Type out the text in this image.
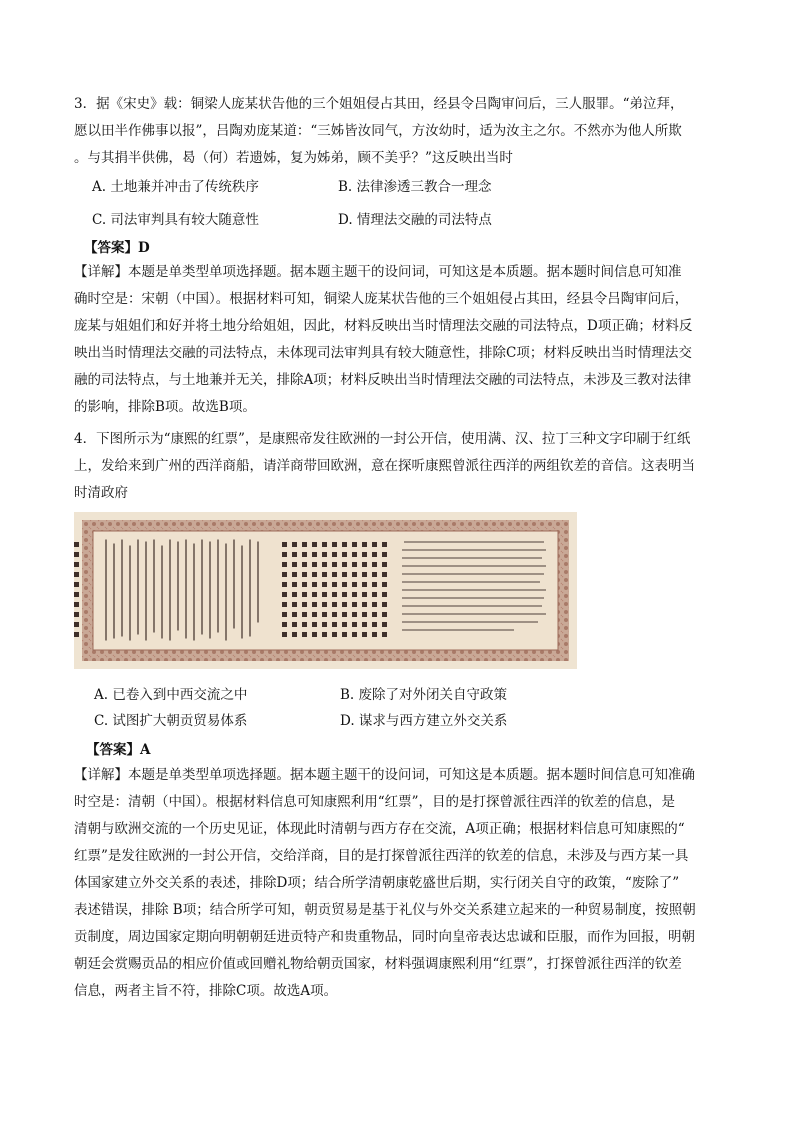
3．据《宋史》载：铜梁人庞某状告他的三个姐姐侵占其田，经县令吕陶审问后，三人服罪。“弟泣拜，
愿以田半作佛事以报”，吕陶劝庞某道：“三姊皆汝同气，方汝幼时，适为汝主之尔。不然亦为他人所欺
。与其捐半供佛，曷（何）若遗姊，复为姊弟，顾不美乎？”这反映出当时
A. 土地兼并冲击了传统秩序	B. 法律渗透三教合一理念
C. 司法审判具有较大随意性	D. 情理法交融的司法特点
【答案】D
【详解】本题是单类型单项选择题。据本题主题干的设问词，可知这是本质题。据本题时间信息可知准
确时空是：宋朝（中国）。根据材料可知，铜梁人庞某状告他的三个姐姐侵占其田，经县令吕陶审问后，
庞某与姐姐们和好并将土地分给姐姐，因此，材料反映出当时情理法交融的司法特点，D项正确；材料反
映出当时情理法交融的司法特点，未体现司法审判具有较大随意性，排除C项；材料反映出当时情理法交
融的司法特点，与土地兼并无关，排除A项；材料反映出当时情理法交融的司法特点，未涉及三教对法律
的影响，排除B项。故选B项。
4．下图所示为“康熙的红票”，是康熙帝发往欧洲的一封公开信，使用满、汉、拉丁三种文字印刷于红纸
上，发给来到广州的西洋商船，请洋商带回欧洲，意在探听康熙曾派往西洋的两组钦差的音信。这表明当
时清政府
A. 已卷入到中西交流之中	B. 废除了对外闭关自守政策
C. 试图扩大朝贡贸易体系	D. 谋求与西方建立外交关系
【答案】A
【详解】本题是单类型单项选择题。据本题主题干的设问词，可知这是本质题。据本题时间信息可知准确
时空是：清朝（中国）。根据材料信息可知康熙利用“红票”，目的是打探曾派往西洋的钦差的信息，是
清朝与欧洲交流的一个历史见证，体现此时清朝与西方存在交流，A项正确；根据材料信息可知康熙的“
红票”是发往欧洲的一封公开信，交给洋商，目的是打探曾派往西洋的钦差的信息，未涉及与西方某一具
体国家建立外交关系的表述，排除D项；结合所学清朝康乾盛世后期，实行闭关自守的政策，“废除了”
表述错误，排除 B项；结合所学可知，朝贡贸易是基于礼仪与外交关系建立起来的一种贸易制度，按照朝
贡制度，周边国家定期向明朝朝廷进贡特产和贵重物品，同时向皇帝表达忠诚和臣服，而作为回报，明朝
朝廷会赏赐贡品的相应价值或回赠礼物给朝贡国家，材料强调康熙利用“红票”，打探曾派往西洋的钦差
信息，两者主旨不符，排除C项。故选A项。
